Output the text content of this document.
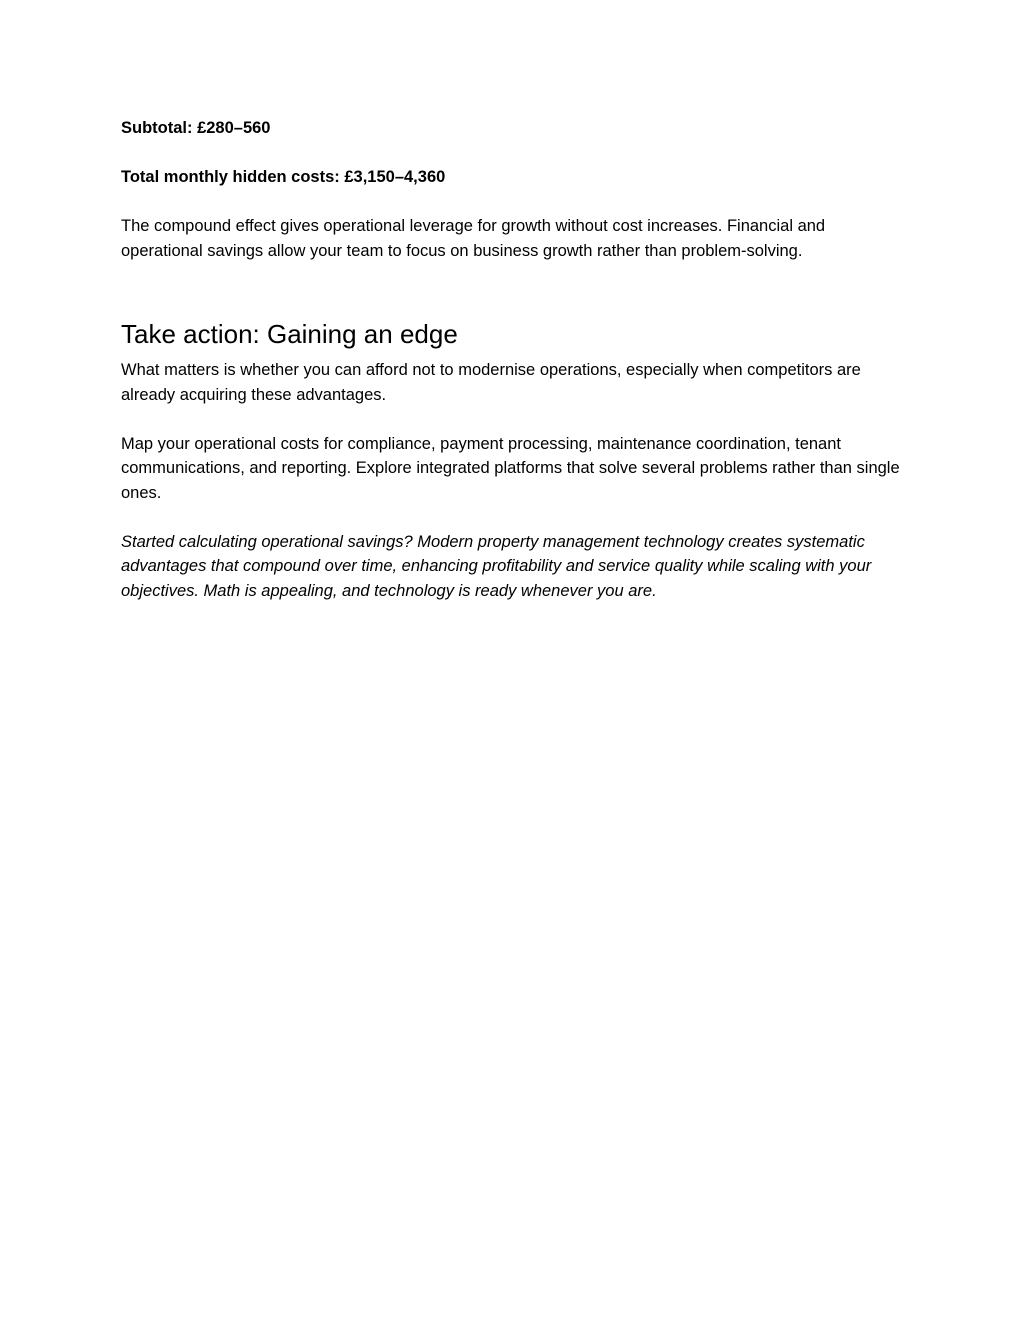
Subtotal: £280–560

Total monthly hidden costs: £3,150–4,360

The compound effect gives operational leverage for growth without cost increases. Financial and operational savings allow your team to focus on business growth rather than problem-solving.

Take action: Gaining an edge

What matters is whether you can afford not to modernise operations, especially when competitors are already acquiring these advantages.

Map your operational costs for compliance, payment processing, maintenance coordination, tenant communications, and reporting. Explore integrated platforms that solve several problems rather than single ones.

Started calculating operational savings? Modern property management technology creates systematic advantages that compound over time, enhancing profitability and service quality while scaling with your objectives. Math is appealing, and technology is ready whenever you are.
